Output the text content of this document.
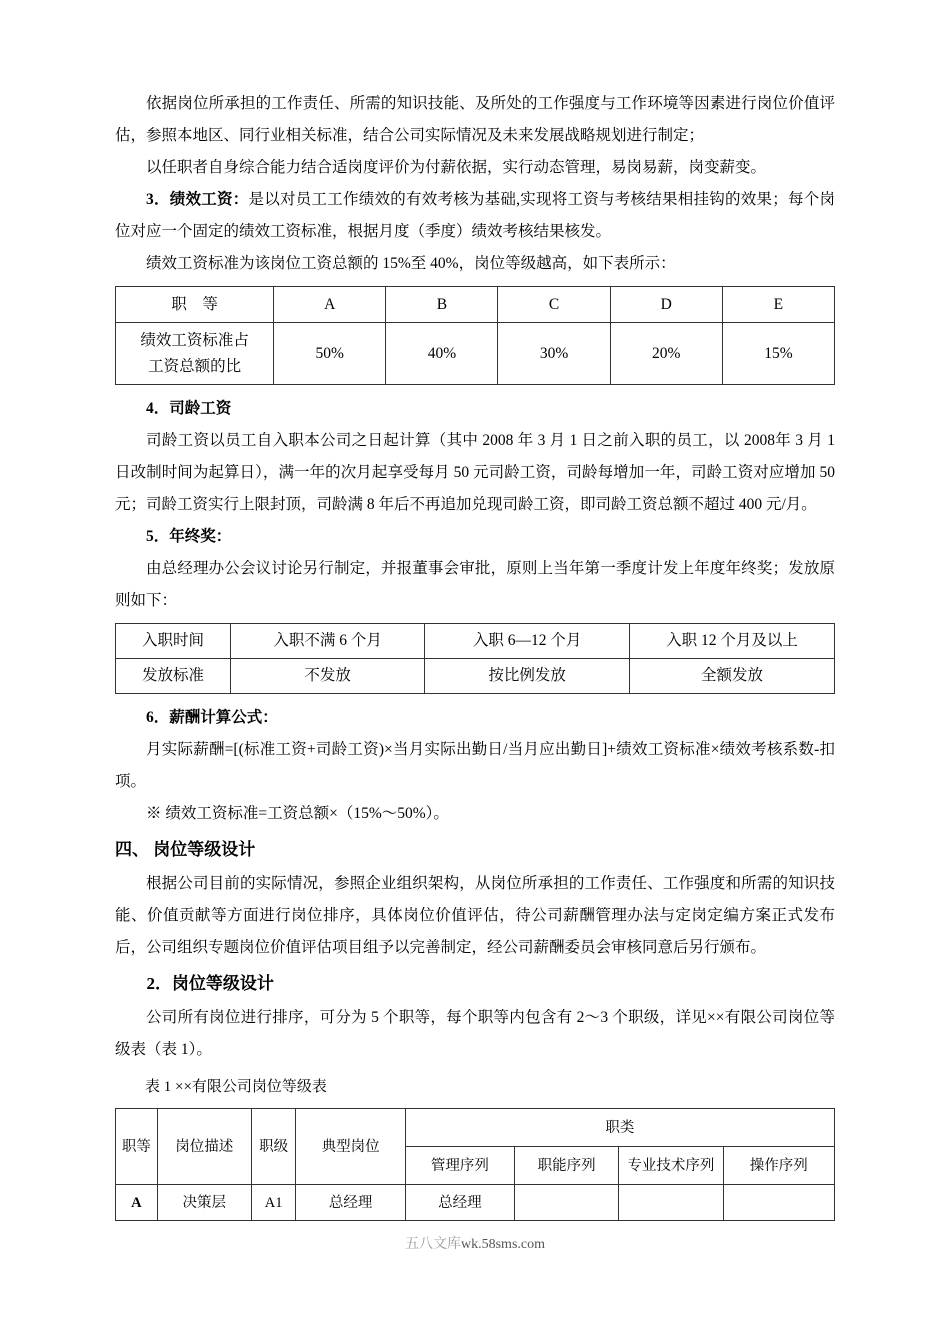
依据岗位所承担的工作责任、所需的知识技能、及所处的工作强度与工作环境等因素进行岗位价值评估，参照本地区、同行业相关标准，结合公司实际情况及未来发展战略规划进行制定；

以任职者自身综合能力结合适岗度评价为付薪依据，实行动态管理，易岗易薪，岗变薪变。

3．绩效工资：是以对员工工作绩效的有效考核为基础,实现将工资与考核结果相挂钩的效果；每个岗位对应一个固定的绩效工资标准，根据月度（季度）绩效考核结果核发。

绩效工资标准为该岗位工资总额的 15%至 40%，岗位等级越高，如下表所示：

职　等	A	B	C	D	E
绩效工资标准占工资总额的比	50%	40%	30%	20%	15%

4．司龄工资

司龄工资以员工自入职本公司之日起计算（其中 2008 年 3 月 1 日之前入职的员工，以 2008年 3 月 1 日改制时间为起算日），满一年的次月起享受每月 50 元司龄工资，司龄每增加一年，司龄工资对应增加 50 元；司龄工资实行上限封顶，司龄满 8 年后不再追加兑现司龄工资，即司龄工资总额不超过 400 元/月。

5．年终奖：

由总经理办公会议讨论另行制定，并报董事会审批，原则上当年第一季度计发上年度年终奖；发放原则如下：

入职时间	入职不满 6 个月	入职 6—12 个月	入职 12 个月及以上
发放标准	不发放	按比例发放	全额发放

6．薪酬计算公式：

月实际薪酬=[(标准工资+司龄工资)×当月实际出勤日/当月应出勤日]+绩效工资标准×绩效考核系数-扣项。

※ 绩效工资标准=工资总额×（15%～50%）。

四、 岗位等级设计

根据公司目前的实际情况，参照企业组织架构，从岗位所承担的工作责任、工作强度和所需的知识技能、价值贡献等方面进行岗位排序，具体岗位价值评估，待公司薪酬管理办法与定岗定编方案正式发布后，公司组织专题岗位价值评估项目组予以完善制定，经公司薪酬委员会审核同意后另行颁布。

2．岗位等级设计

公司所有岗位进行排序，可分为 5 个职等，每个职等内包含有 2～3 个职级，详见××有限公司岗位等级表（表 1）。

表 1 ××有限公司岗位等级表

职等	岗位描述	职级	典型岗位	职类			
				管理序列	职能序列	专业技术序列	操作序列
A	决策层	A1	总经理	总经理			
五八文库wk.58sms.com
